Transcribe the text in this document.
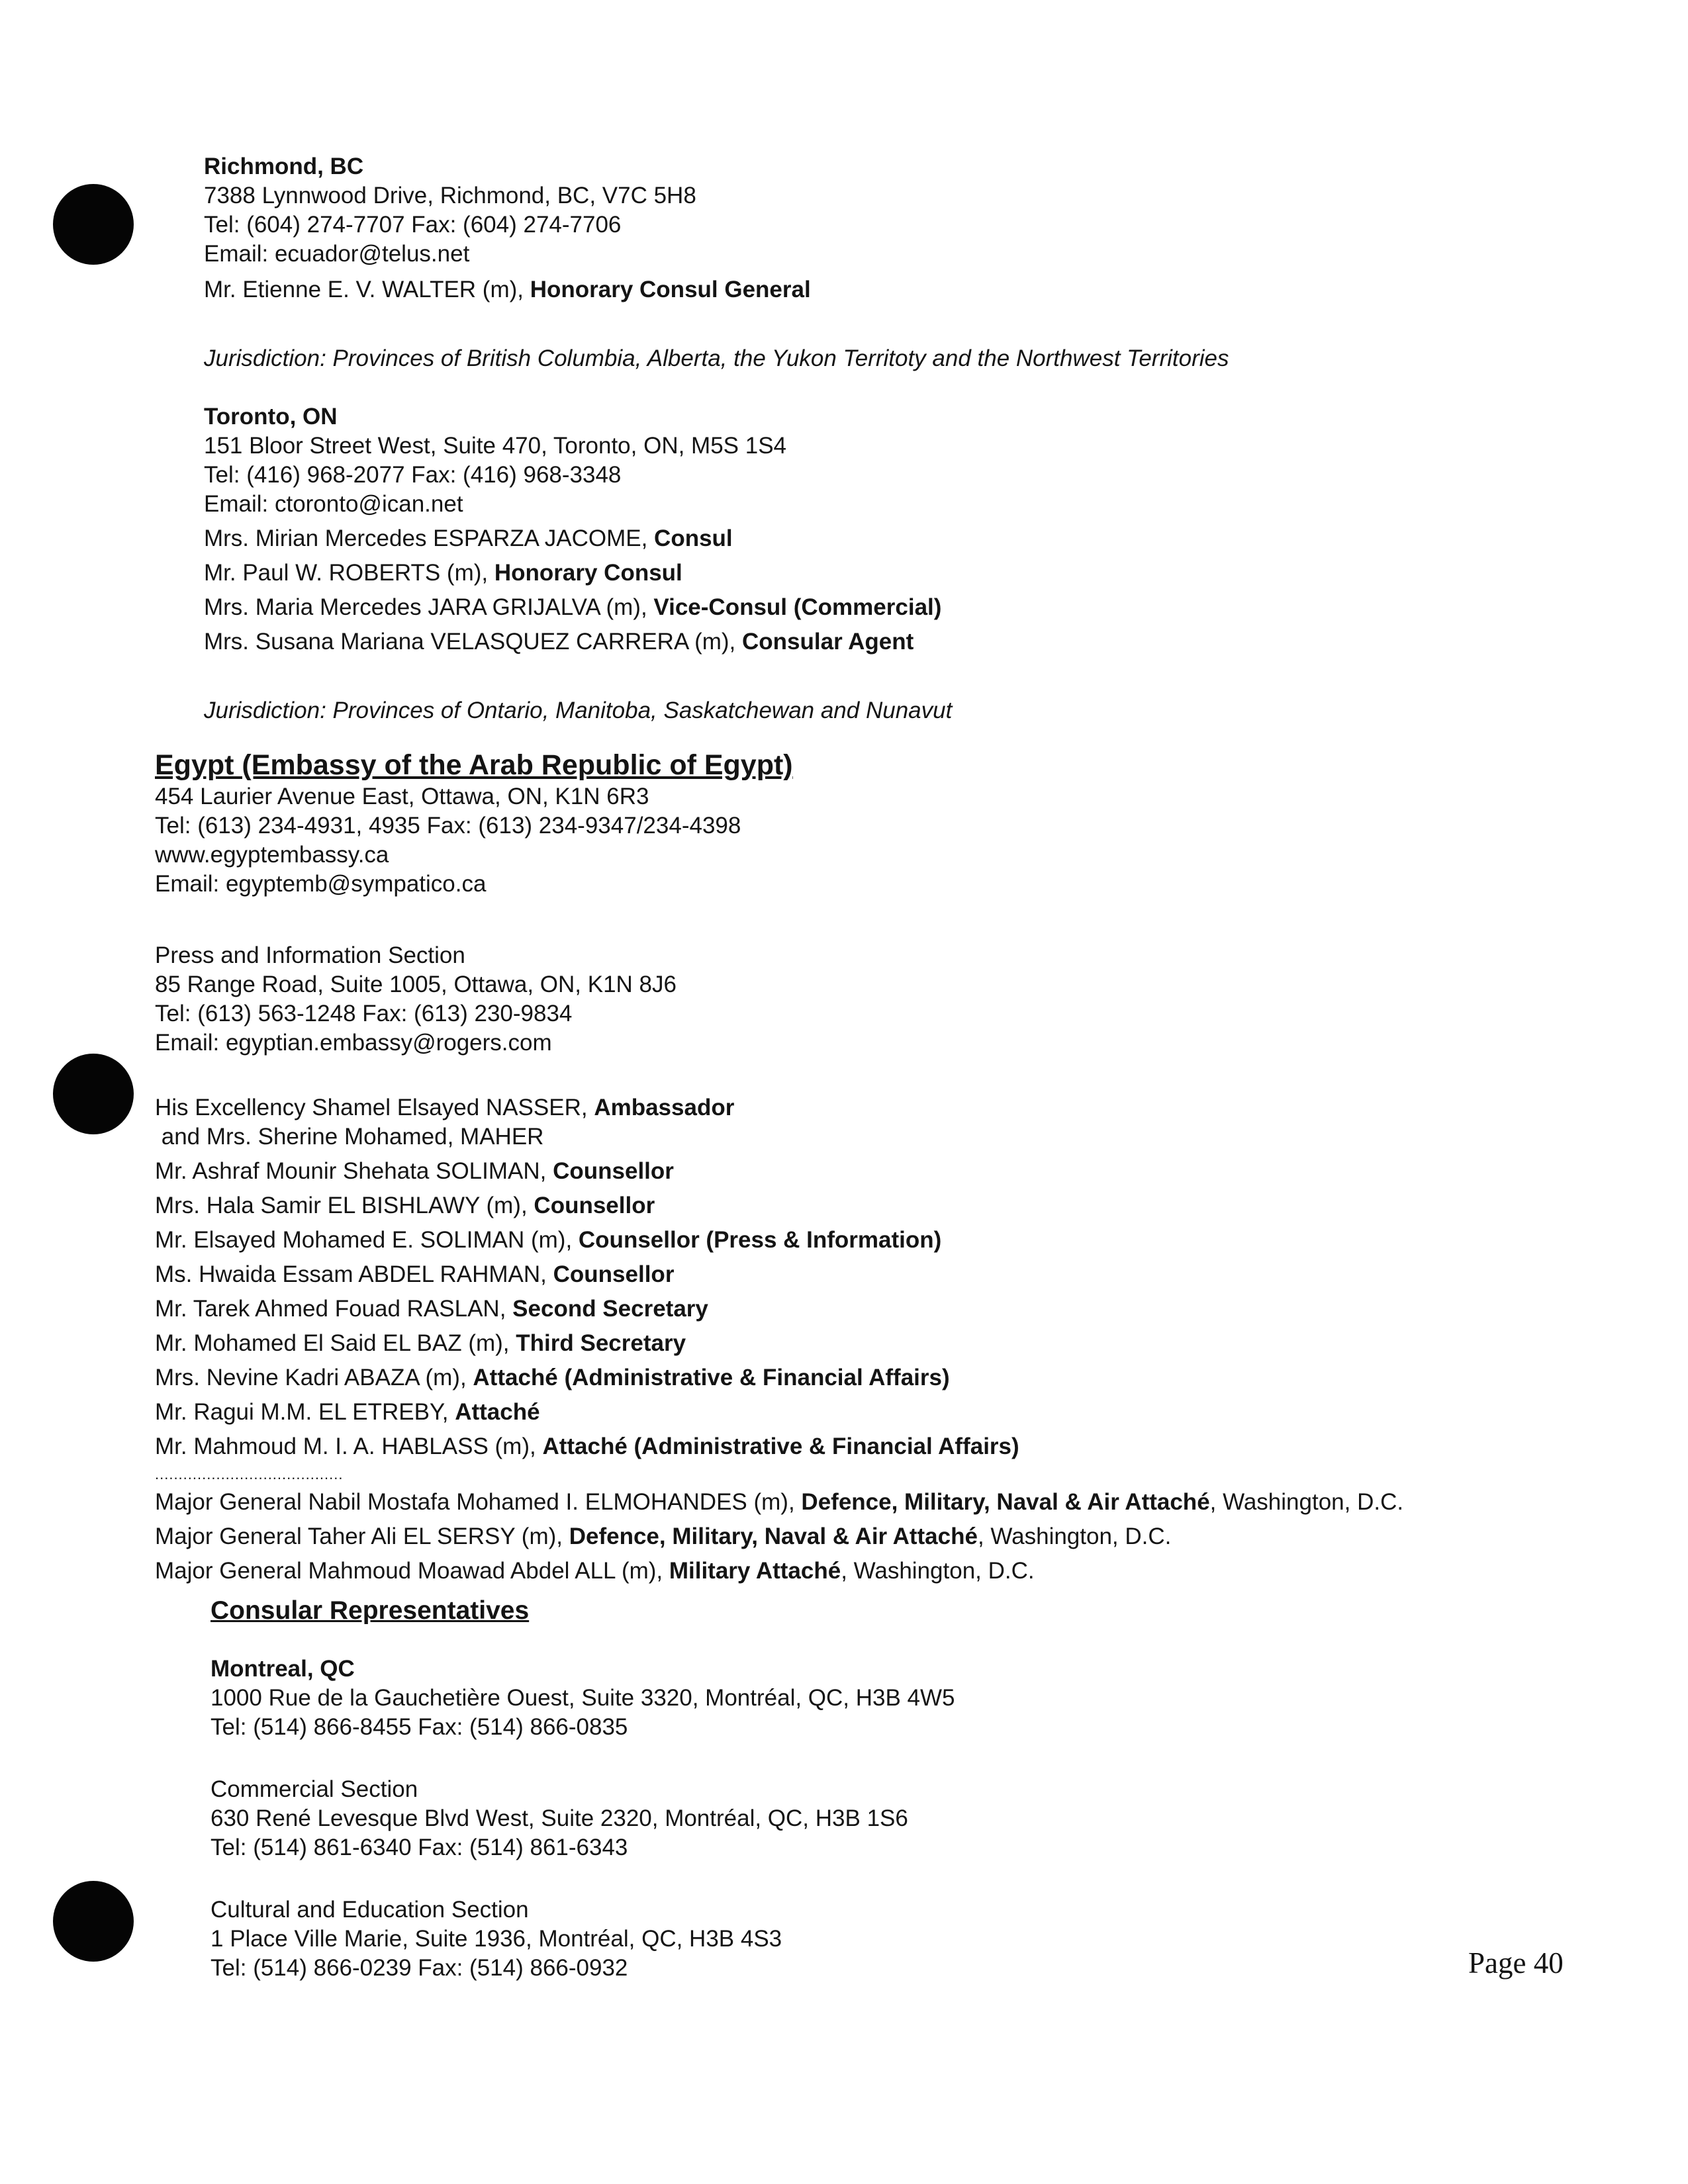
Richmond, BC
7388 Lynnwood Drive, Richmond, BC, V7C 5H8
Tel: (604) 274-7707 Fax: (604) 274-7706
Email: ecuador@telus.net
Mr. Etienne E. V. WALTER (m), Honorary Consul General
Jurisdiction: Provinces of British Columbia, Alberta, the Yukon Territoty and the Northwest Territories
Toronto, ON
151 Bloor Street West, Suite 470, Toronto, ON, M5S 1S4
Tel: (416) 968-2077 Fax: (416) 968-3348
Email: ctoronto@ican.net
Mrs. Mirian Mercedes ESPARZA JACOME, Consul
Mr. Paul W. ROBERTS (m), Honorary Consul
Mrs. Maria Mercedes JARA GRIJALVA (m), Vice-Consul (Commercial)
Mrs. Susana Mariana VELASQUEZ CARRERA (m), Consular Agent
Jurisdiction: Provinces of Ontario, Manitoba, Saskatchewan and Nunavut
Egypt (Embassy of the Arab Republic of Egypt)
454 Laurier Avenue East, Ottawa, ON, K1N 6R3
Tel: (613) 234-4931, 4935 Fax: (613) 234-9347/234-4398
www.egyptembassy.ca
Email: egyptemb@sympatico.ca
Press and Information Section
85 Range Road, Suite 1005, Ottawa, ON, K1N 8J6
Tel: (613) 563-1248 Fax: (613) 230-9834
Email: egyptian.embassy@rogers.com
His Excellency Shamel Elsayed NASSER, Ambassador
and Mrs. Sherine Mohamed, MAHER
Mr. Ashraf Mounir Shehata SOLIMAN, Counsellor
Mrs. Hala Samir EL BISHLAWY (m), Counsellor
Mr. Elsayed Mohamed E. SOLIMAN (m), Counsellor (Press & Information)
Ms. Hwaida Essam ABDEL RAHMAN, Counsellor
Mr. Tarek Ahmed Fouad RASLAN, Second Secretary
Mr. Mohamed El Said EL BAZ (m), Third Secretary
Mrs. Nevine Kadri ABAZA (m), Attaché (Administrative & Financial Affairs)
Mr. Ragui M.M. EL ETREBY, Attaché
Mr. Mahmoud M. I. A. HABLASS (m), Attaché (Administrative & Financial Affairs)
........................................
Major General Nabil Mostafa Mohamed I. ELMOHANDES (m), Defence, Military, Naval & Air Attaché, Washington, D.C.
Major General Taher Ali EL SERSY (m), Defence, Military, Naval & Air Attaché, Washington, D.C.
Major General Mahmoud Moawad Abdel ALL (m), Military Attaché, Washington, D.C.
Consular Representatives
Montreal, QC
1000 Rue de la Gauchetière Ouest, Suite 3320, Montréal, QC, H3B 4W5
Tel: (514) 866-8455 Fax: (514) 866-0835
Commercial Section
630 René Levesque Blvd West, Suite 2320, Montréal, QC, H3B 1S6
Tel: (514) 861-6340 Fax: (514) 861-6343
Cultural and Education Section
1 Place Ville Marie, Suite 1936, Montréal, QC, H3B 4S3
Tel: (514) 866-0239 Fax: (514) 866-0932	Page 40
